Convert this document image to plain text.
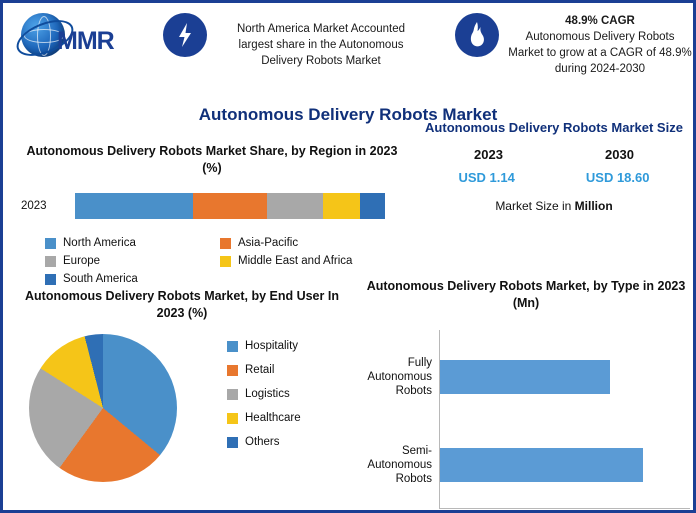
MMR	North America Market Accounted largest share in the Autonomous Delivery Robots Market
48.9% CAGR
Autonomous Delivery Robots Market to grow at a CAGR of 48.9% during 2024-2030
Autonomous Delivery Robots Market
Autonomous Delivery Robots Market Share, by Region in 2023 (%)
2023
North America	Asia-Pacific
Europe	Middle East and Africa
South America
Autonomous Delivery Robots Market Size
2023	2030
USD 1.14	USD 18.60
Market Size in Million
Autonomous Delivery Robots Market, by End User In 2023 (%)
Hospitality
Retail
Logistics
Healthcare
Others
Autonomous Delivery Robots Market, by Type in 2023 (Mn)
Fully Autonomous Robots
Semi-Autonomous Robots
